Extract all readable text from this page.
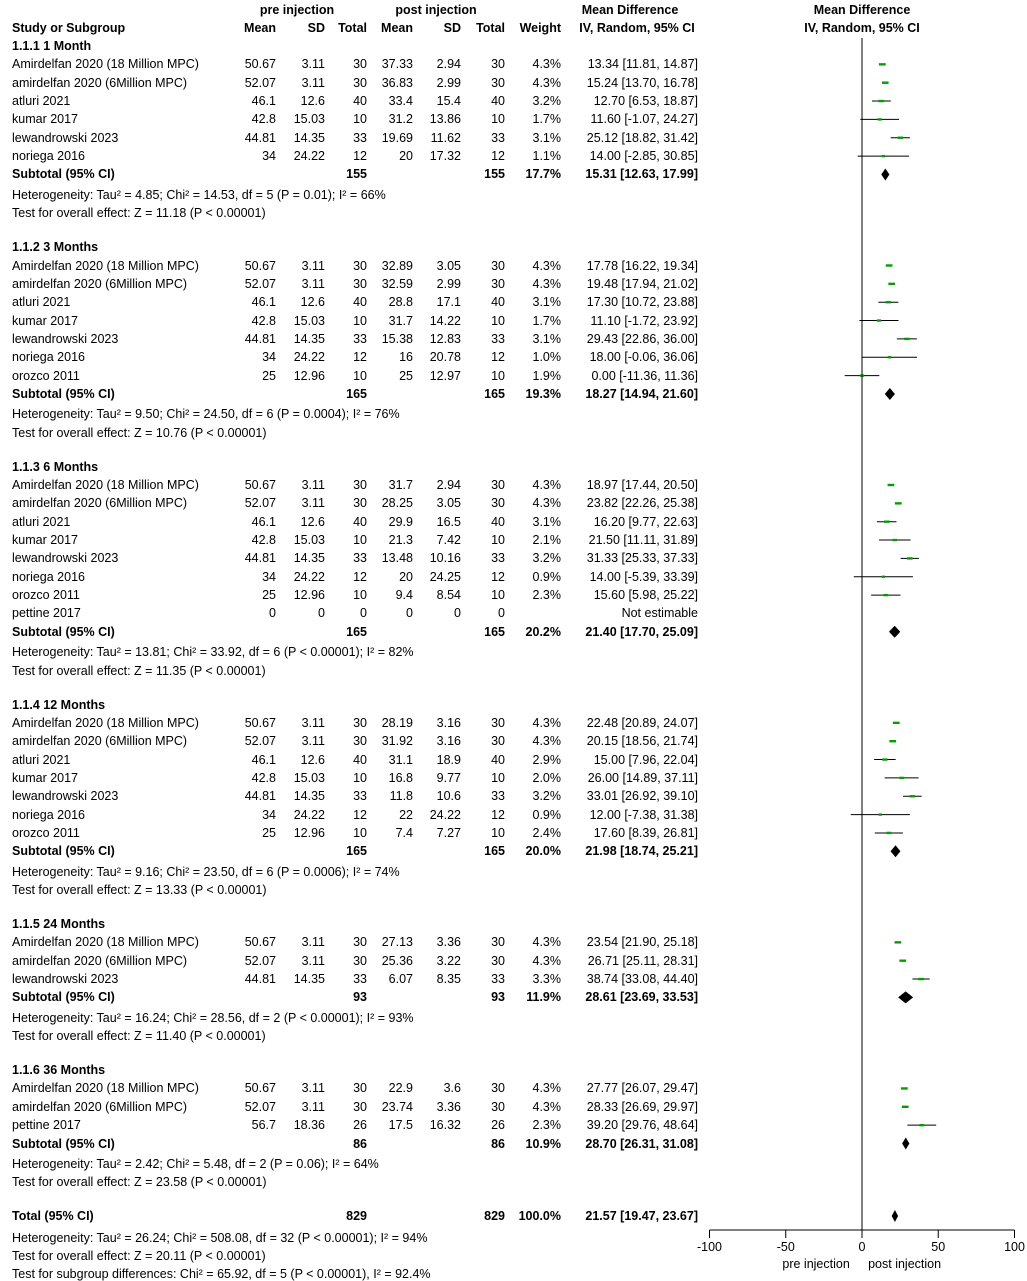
pre injection	post injection	Mean Difference
IV, Random, 95% CI
Mean Difference
IV, Random, 95% CI
Study or Subgroup	Mean	SD Total Mean SD Total Weight
1.1.1 1 Month
Amirdelfan 2020 (18 Million MPC)	50.67 3.11 30 37.33 2.94 30 4.3% 13.34 [11.81, 14.87]
amirdelfan 2020 (6Million MPC)	52.07 3.11 30 36.83 2.99 30 4.3% 15.24 [13.70, 16.78]
atluri 2021	46.1 12.6 40 33.4 15.4 40 3.2%	12.70 [6.53, 18.87]
kumar 2017	42.8 15.03 10 31.2 13.86 10 1.7% 11.60 [-1.07, 24.27]
lewandrowski 2023	44.81 14.35 33 19.69 11.62 33 3.1% 25.12 [18.82, 31.42]
noriega 2016	34 24.22 12	20 17.32 12 1.1% 14.00 [-2.85, 30.85]
Subtotal (95% CI)	155	155 17.7% 15.31 [12.63, 17.99]
Heterogeneity: Tau² = 4.85; Chi² = 14.53, df = 5 (P = 0.01); I² = 66%
Test for overall effect: Z = 11.18 (P < 0.00001)
1.1.2 3 Months
Amirdelfan 2020 (18 Million MPC)	50.67 3.11 30 32.89 3.05 30 4.3% 17.78 [16.22, 19.34]
amirdelfan 2020 (6Million MPC)	52.07 3.11 30 32.59 2.99 30 4.3% 19.48 [17.94, 21.02]
atluri 2021	46.1 12.6 40 28.8 17.1 40 3.1% 17.30 [10.72, 23.88]
kumar 2017	42.8 15.03 10 31.7 14.22 10 1.7% 11.10 [-1.72, 23.92]
lewandrowski 2023	44.81 14.35 33 15.38 12.83 33 3.1% 29.43 [22.86, 36.00]
noriega 2016	34 24.22 12	16 20.78 12 1.0% 18.00 [-0.06, 36.06]
orozco 2011	25 12.96 10	25 12.97 10 1.9% 0.00 [-11.36, 11.36]
Subtotal (95% CI)	165	165 19.3% 18.27 [14.94, 21.60]
Heterogeneity: Tau² = 9.50; Chi² = 24.50, df = 6 (P = 0.0004); I² = 76%
Test for overall effect: Z = 10.76 (P < 0.00001)
1.1.3 6 Months
Amirdelfan 2020 (18 Million MPC)	50.67 3.11 30 31.7 2.94 30 4.3% 18.97 [17.44, 20.50]
amirdelfan 2020 (6Million MPC)	52.07 3.11 30 28.25 3.05 30 4.3% 23.82 [22.26, 25.38]
atluri 2021	46.1 12.6 40 29.9 16.5 40 3.1%	16.20 [9.77, 22.63]
kumar 2017	42.8 15.03 10 21.3 7.42 10 2.1% 21.50 [11.11, 31.89]
lewandrowski 2023	44.81 14.35 33 13.48 10.16 33 3.2% 31.33 [25.33, 37.33]
noriega 2016	34 24.22 12	20 24.25 12 0.9% 14.00 [-5.39, 33.39]
orozco 2011	25 12.96 10 9.4 8.54 10 2.3%	15.60 [5.98, 25.22]
pettine 2017	0	0	0	0	0	0	Not estimable
Subtotal (95% CI)	165	165 20.2% 21.40 [17.70, 25.09]
Heterogeneity: Tau² = 13.81; Chi² = 33.92, df = 6 (P < 0.00001); I² = 82%
Test for overall effect: Z = 11.35 (P < 0.00001)
1.1.4 12 Months
Amirdelfan 2020 (18 Million MPC)	50.67 3.11 30 28.19 3.16 30 4.3% 22.48 [20.89, 24.07]
amirdelfan 2020 (6Million MPC)	52.07 3.11 30 31.92 3.16 30 4.3% 20.15 [18.56, 21.74]
atluri 2021	46.1 12.6 40 31.1 18.9 40 2.9%	15.00 [7.96, 22.04]
kumar 2017	42.8 15.03 10 16.8 9.77 10 2.0% 26.00 [14.89, 37.11]
lewandrowski 2023	44.81 14.35 33 11.8 10.6 33 3.2% 33.01 [26.92, 39.10]
noriega 2016	34 24.22 12	22 24.22 12 0.9% 12.00 [-7.38, 31.38]
orozco 2011	25 12.96 10 7.4 7.27 10 2.4%	17.60 [8.39, 26.81]
Subtotal (95% CI)	165	165 20.0% 21.98 [18.74, 25.21]
Heterogeneity: Tau² = 9.16; Chi² = 23.50, df = 6 (P = 0.0006); I² = 74%
Test for overall effect: Z = 13.33 (P < 0.00001)
1.1.5 24 Months
Amirdelfan 2020 (18 Million MPC)	50.67 3.11 30 27.13 3.36 30 4.3% 23.54 [21.90, 25.18]
amirdelfan 2020 (6Million MPC)	52.07 3.11 30 25.36 3.22 30 4.3% 26.71 [25.11, 28.31]
lewandrowski 2023	44.81 14.35 33 6.07 8.35 33 3.3% 38.74 [33.08, 44.40]
Subtotal (95% CI)	93	93 11.9% 28.61 [23.69, 33.53]
Heterogeneity: Tau² = 16.24; Chi² = 28.56, df = 2 (P < 0.00001); I² = 93%
Test for overall effect: Z = 11.40 (P < 0.00001)
1.1.6 36 Months
Amirdelfan 2020 (18 Million MPC)	50.67 3.11 30 22.9 3.6 30 4.3% 27.77 [26.07, 29.47]
amirdelfan 2020 (6Million MPC)	52.07 3.11 30 23.74 3.36 30 4.3% 28.33 [26.69, 29.97]
pettine 2017	56.7 18.36 26 17.5 16.32 26 2.3% 39.20 [29.76, 48.64]
Subtotal (95% CI)	86	86 10.9% 28.70 [26.31, 31.08]
Heterogeneity: Tau² = 2.42; Chi² = 5.48, df = 2 (P = 0.06); I² = 64%
Test for overall effect: Z = 23.58 (P < 0.00001)
Total (95% CI)	829	829 100.0% 21.57 [19.47, 23.67]
Heterogeneity: Tau² = 26.24; Chi² = 508.08, df = 32 (P < 0.00001); I² = 94%
Test for overall effect: Z = 20.11 (P < 0.00001)
Test for subgroup differences: Chi² = 65.92, df = 5 (P < 0.00001), I² = 92.4%
-100	-50	0	50	100
pre injection post injection
